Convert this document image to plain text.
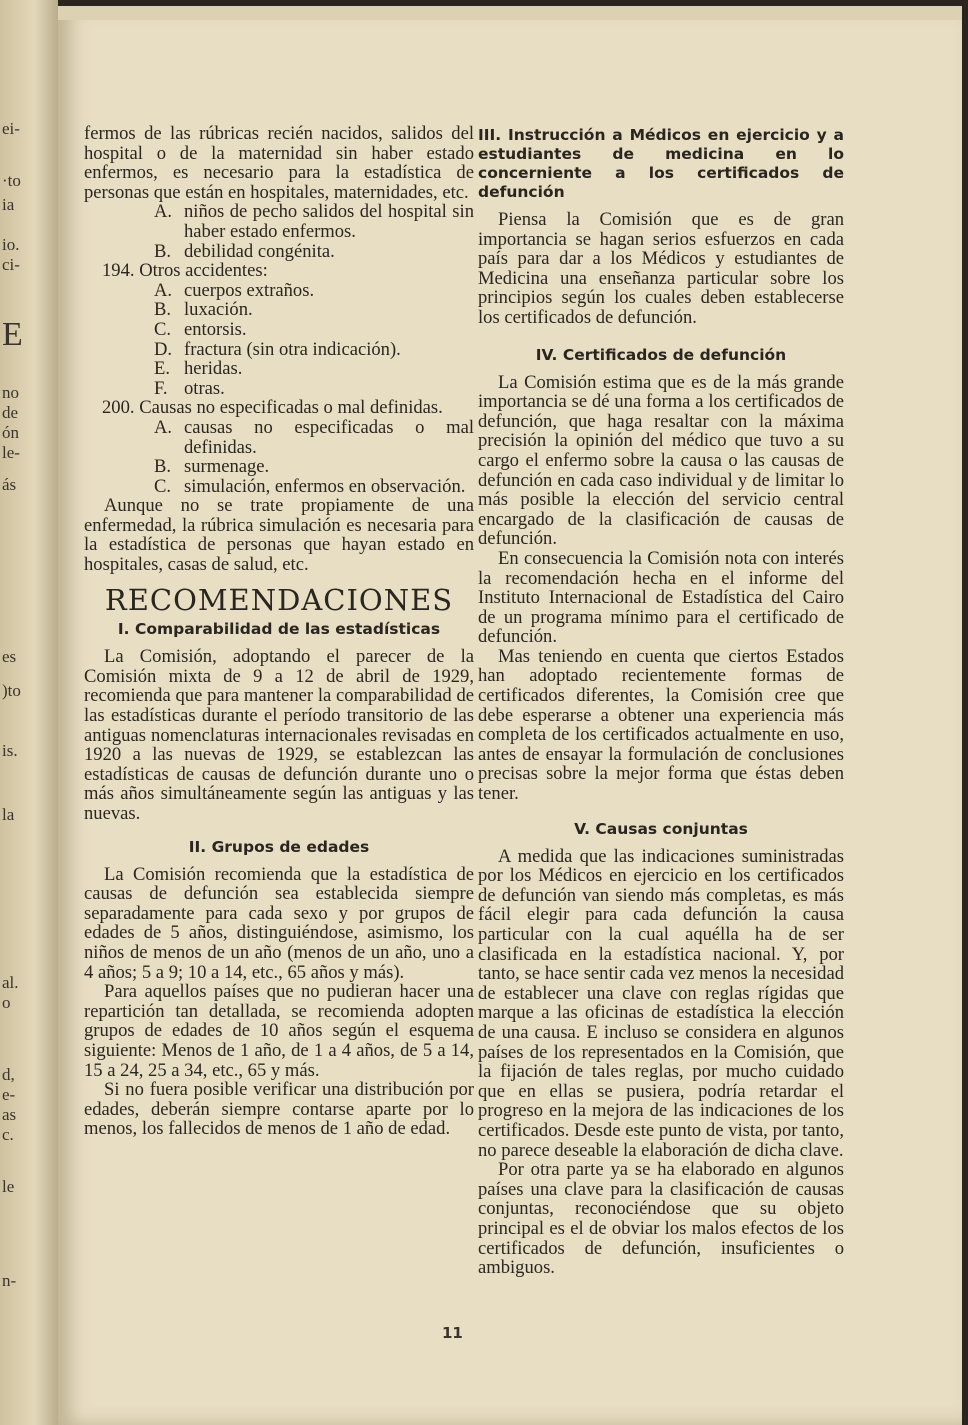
ei-
·to
ia
io.
ci-
E
no
de
ón
le-
ás
es
)to
is.
la
al.
o
d,
e-
as
c.
le
n-

fermos de las rúbricas recién nacidos, salidos del hospital o de la maternidad sin haber estado enfermos, es necesario para la estadística de personas que están en hospitales, maternidades, etc.

A. niños de pecho salidos del hospital sin haber estado enfermos.
B. debilidad congénita.

194. Otros accidentes:

A. cuerpos extraños.
B. luxación.
C. entorsis.
D. fractura (sin otra indicación).
E. heridas.
F. otras.

200. Causas no especificadas o mal definidas.

A. causas no especificadas o mal definidas.
B. surmenage.
C. simulación, enfermos en observación.

Aunque no se trate propiamente de una enfermedad, la rúbrica simulación es necesaria para la estadística de personas que hayan estado en hospitales, casas de salud, etc.

RECOMENDACIONES
I. Comparabilidad de las estadísticas

La Comisión, adoptando el parecer de la Comisión mixta de 9 a 12 de abril de 1929, recomienda que para mantener la comparabilidad de las estadísticas durante el período transitorio de las antiguas nomenclaturas internacionales revisadas en 1920 a las nuevas de 1929, se establezcan las estadísticas de causas de defunción durante uno o más años simultáneamente según las antiguas y las nuevas.

II. Grupos de edades

La Comisión recomienda que la estadística de causas de defunción sea establecida siempre separadamente para cada sexo y por grupos de edades de 5 años, distinguiéndose, asimismo, los niños de menos de un año (menos de un año, uno a 4 años; 5 a 9; 10 a 14, etc., 65 años y más).

Para aquellos países que no pudieran hacer una repartición tan detallada, se recomienda adopten grupos de edades de 10 años según el esquema siguiente: Menos de 1 año, de 1 a 4 años, de 5 a 14, 15 a 24, 25 a 34, etc., 65 y más.

Si no fuera posible verificar una distribución por edades, deberán siempre contarse aparte por lo menos, los fallecidos de menos de 1 año de edad.

III. Instrucción a Médicos en ejercicio y a estudiantes de medicina en lo concerniente a los certificados de defunción

Piensa la Comisión que es de gran importancia se hagan serios esfuerzos en cada país para dar a los Médicos y estudiantes de Medicina una enseñanza particular sobre los principios según los cuales deben establecerse los certificados de defunción.

IV. Certificados de defunción

La Comisión estima que es de la más grande importancia se dé una forma a los certificados de defunción, que haga resaltar con la máxima precisión la opinión del médico que tuvo a su cargo el enfermo sobre la causa o las causas de defunción en cada caso individual y de limitar lo más posible la elección del servicio central encargado de la clasificación de causas de defunción.

En consecuencia la Comisión nota con interés la recomendación hecha en el informe del Instituto Internacional de Estadística del Cairo de un programa mínimo para el certificado de defunción.

Mas teniendo en cuenta que ciertos Estados han adoptado recientemente formas de certificados diferentes, la Comisión cree que debe esperarse a obtener una experiencia más completa de los certificados actualmente en uso, antes de ensayar la formulación de conclusiones precisas sobre la mejor forma que éstas deben tener.

V. Causas conjuntas

A medida que las indicaciones suministradas por los Médicos en ejercicio en los certificados de defunción van siendo más completas, es más fácil elegir para cada defunción la causa particular con la cual aquélla ha de ser clasificada en la estadística nacional. Y, por tanto, se hace sentir cada vez menos la necesidad de establecer una clave con reglas rígidas que marque a las oficinas de estadística la elección de una causa. E incluso se considera en algunos países de los representados en la Comisión, que la fijación de tales reglas, por mucho cuidado que en ellas se pusiera, podría retardar el progreso en la mejora de las indicaciones de los certificados. Desde este punto de vista, por tanto, no parece deseable la elaboración de dicha clave.

Por otra parte ya se ha elaborado en algunos países una clave para la clasificación de causas conjuntas, reconociéndose que su objeto principal es el de obviar los malos efectos de los certificados de defunción, insuficientes o ambiguos.

11
